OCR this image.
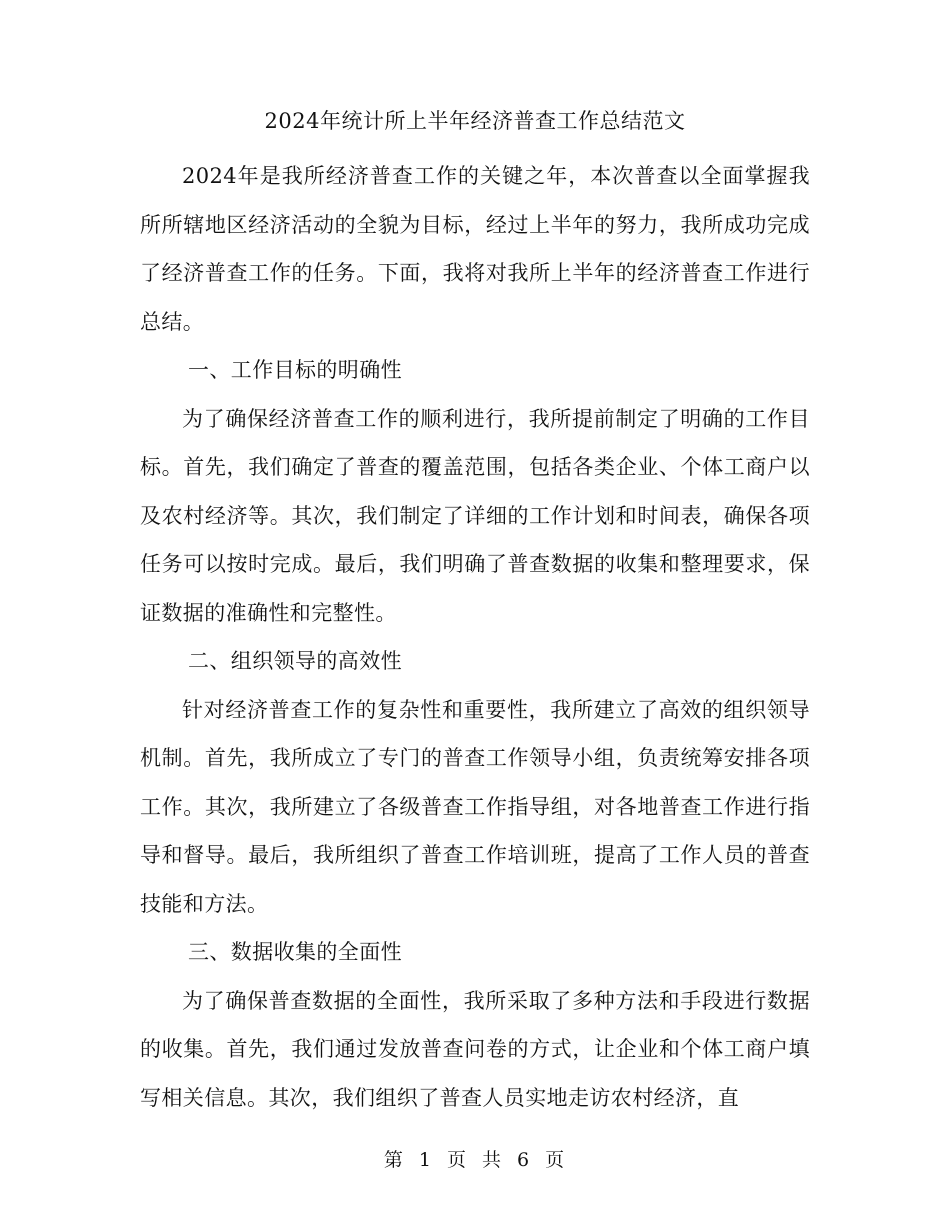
2024年统计所上半年经济普查工作总结范文

2024年是我所经济普查工作的关键之年，本次普查以全面掌握我所所辖地区经济活动的全貌为目标，经过上半年的努力，我所成功完成了经济普查工作的任务。下面，我将对我所上半年的经济普查工作进行总结。

一、工作目标的明确性

为了确保经济普查工作的顺利进行，我所提前制定了明确的工作目标。首先，我们确定了普查的覆盖范围，包括各类企业、个体工商户以及农村经济等。其次，我们制定了详细的工作计划和时间表，确保各项任务可以按时完成。最后，我们明确了普查数据的收集和整理要求，保证数据的准确性和完整性。

二、组织领导的高效性

针对经济普查工作的复杂性和重要性，我所建立了高效的组织领导机制。首先，我所成立了专门的普查工作领导小组，负责统筹安排各项工作。其次，我所建立了各级普查工作指导组，对各地普查工作进行指导和督导。最后，我所组织了普查工作培训班，提高了工作人员的普查技能和方法。

三、数据收集的全面性

为了确保普查数据的全面性，我所采取了多种方法和手段进行数据的收集。首先，我们通过发放普查问卷的方式，让企业和个体工商户填写相关信息。其次，我们组织了普查人员实地走访农村经济，直

第 1 页 共 6 页
